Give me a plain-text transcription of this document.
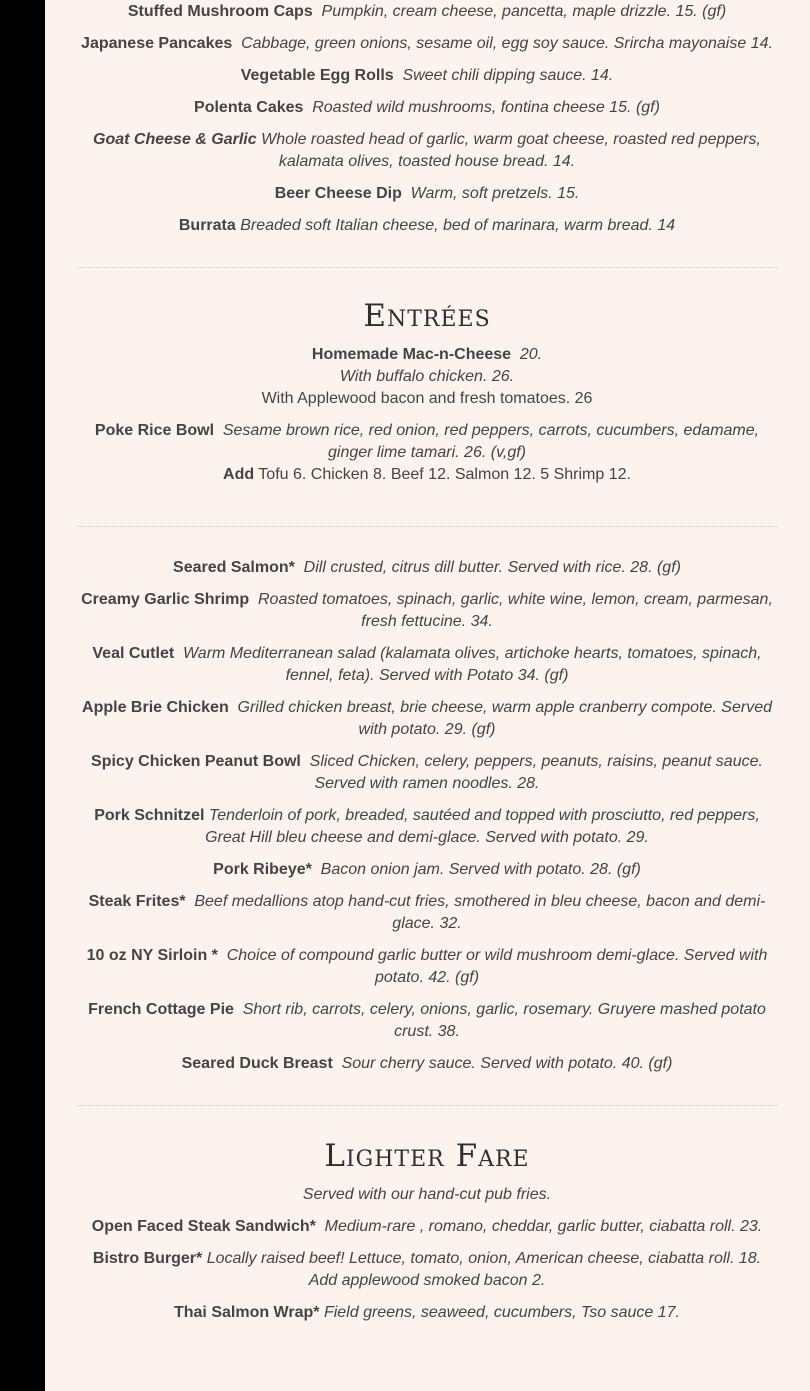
Stuffed Mushroom Caps Pumpkin, cream cheese, pancetta, maple drizzle. 15. (gf)

Japanese Pancakes Cabbage, green onions, sesame oil, egg soy sauce. Srircha mayonaise 14.

Vegetable Egg Rolls Sweet chili dipping sauce. 14.

Polenta Cakes Roasted wild mushrooms, fontina cheese 15. (gf)

Goat Cheese & Garlic Whole roasted head of garlic, warm goat cheese, roasted red peppers, kalamata olives, toasted house bread. 14.

Beer Cheese Dip Warm, soft pretzels. 15.

Burrata Breaded soft Italian cheese, bed of marinara, warm bread. 14

Entrées

Homemade Mac-n-Cheese 20.

With buffalo chicken. 26.

With Applewood bacon and fresh tomatoes. 26

Poke Rice Bowl Sesame brown rice, red onion, red peppers, carrots, cucumbers, edamame, ginger lime tamari. 26. (v,gf)

Add Tofu 6. Chicken 8. Beef 12. Salmon 12. 5 Shrimp 12.

Seared Salmon* Dill crusted, citrus dill butter. Served with rice. 28. (gf)

Creamy Garlic Shrimp Roasted tomatoes, spinach, garlic, white wine, lemon, cream, parmesan, fresh fettucine. 34.

Veal Cutlet Warm Mediterranean salad (kalamata olives, artichoke hearts, tomatoes, spinach, fennel, feta). Served with Potato 34. (gf)

Apple Brie Chicken Grilled chicken breast, brie cheese, warm apple cranberry compote. Served with potato. 29. (gf)

Spicy Chicken Peanut Bowl Sliced Chicken, celery, peppers, peanuts, raisins, peanut sauce. Served with ramen noodles. 28.

Pork Schnitzel Tenderloin of pork, breaded, sautéed and topped with prosciutto, red peppers, Great Hill bleu cheese and demi-glace. Served with potato. 29.

Pork Ribeye* Bacon onion jam. Served with potato. 28. (gf)

Steak Frites* Beef medallions atop hand-cut fries, smothered in bleu cheese, bacon and demi-glace. 32.

10 oz NY Sirloin * Choice of compound garlic butter or wild mushroom demi-glace. Served with potato. 42. (gf)

French Cottage Pie Short rib, carrots, celery, onions, garlic, rosemary. Gruyere mashed potato crust. 38.

Seared Duck Breast Sour cherry sauce. Served with potato. 40. (gf)

Lighter Fare

Served with our hand-cut pub fries.

Open Faced Steak Sandwich* Medium-rare , romano, cheddar, garlic butter, ciabatta roll. 23.

Bistro Burger* Locally raised beef! Lettuce, tomato, onion, American cheese, ciabatta roll. 18. Add applewood smoked bacon 2.

Thai Salmon Wrap* Field greens, seaweed, cucumbers, Tso sauce 17.
